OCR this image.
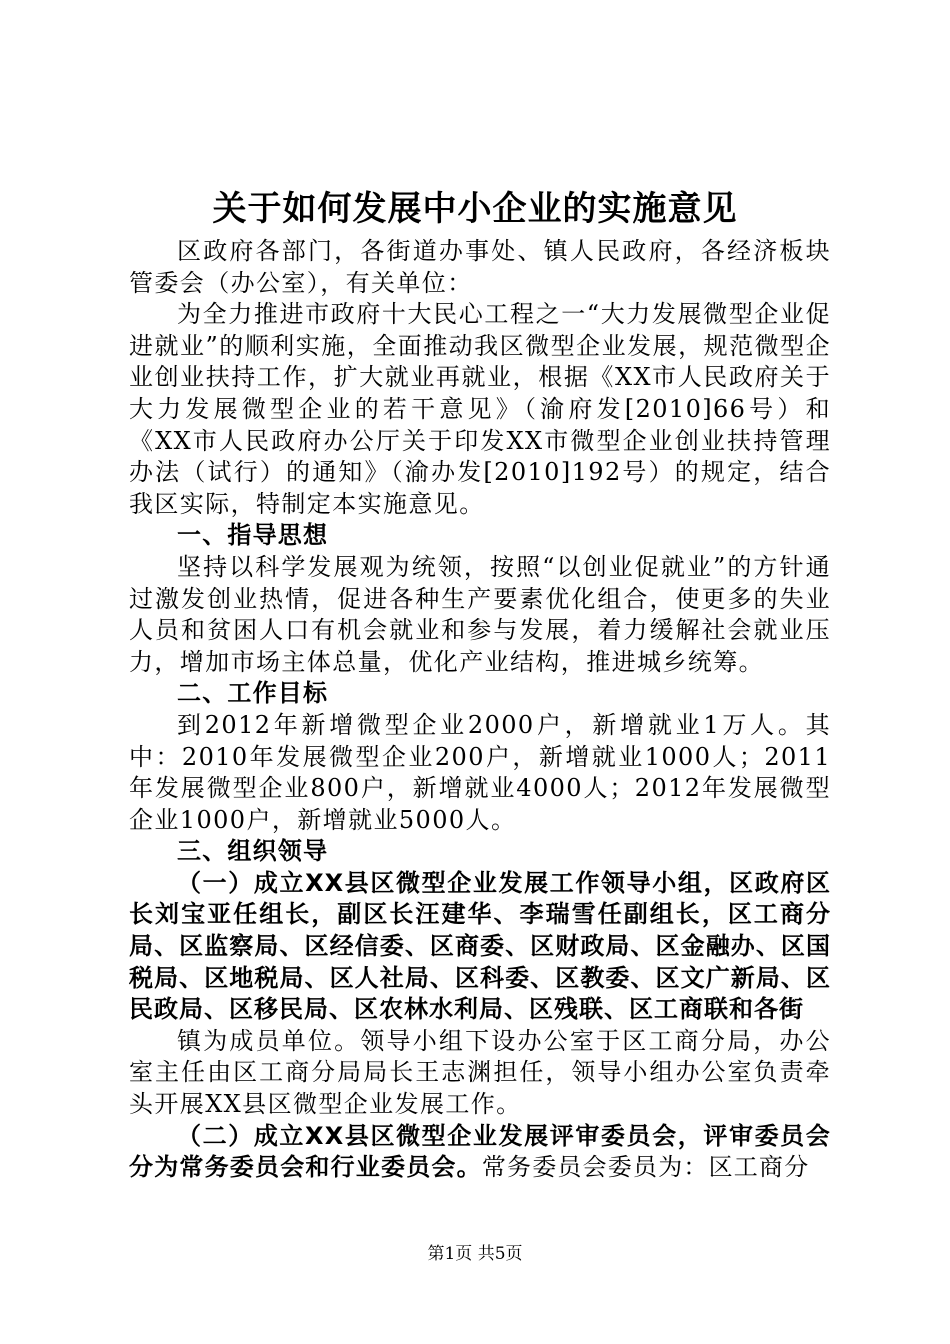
关于如何发展中小企业的实施意见

区政府各部门，各街道办事处、镇人民政府，各经济板块管委会（办公室），有关单位：

为全力推进市政府十大民心工程之一“大力发展微型企业促进就业”的顺利实施，全面推动我区微型企业发展，规范微型企业创业扶持工作，扩大就业再就业，根据《XX市人民政府关于大力发展微型企业的若干意见》（渝府发[2010]66号）和《XX市人民政府办公厅关于印发XX市微型企业创业扶持管理办法（试行）的通知》（渝办发[2010]192号）的规定，结合我区实际，特制定本实施意见。

一、指导思想

坚持以科学发展观为统领，按照“以创业促就业”的方针通过激发创业热情，促进各种生产要素优化组合，使更多的失业人员和贫困人口有机会就业和参与发展，着力缓解社会就业压力，增加市场主体总量，优化产业结构，推进城乡统筹。

二、工作目标

到2012年新增微型企业2000户，新增就业1万人。其中：2010年发展微型企业200户，新增就业1000人；2011年发展微型企业800户，新增就业4000人；2012年发展微型企业1000户，新增就业5000人。

三、组织领导

（一）成立XX县区微型企业发展工作领导小组，区政府区长刘宝亚任组长，副区长汪建华、李瑞雪任副组长，区工商分局、区监察局、区经信委、区商委、区财政局、区金融办、区国税局、区地税局、区人社局、区科委、区教委、区文广新局、区民政局、区移民局、区农林水利局、区残联、区工商联和各街

镇为成员单位。领导小组下设办公室于区工商分局，办公室主任由区工商分局局长王志渊担任，领导小组办公室负责牵头开展XX县区微型企业发展工作。

（二）成立XX县区微型企业发展评审委员会，评审委员会分为常务委员会和行业委员会。常务委员会委员为：区工商分

第1页 共5页
